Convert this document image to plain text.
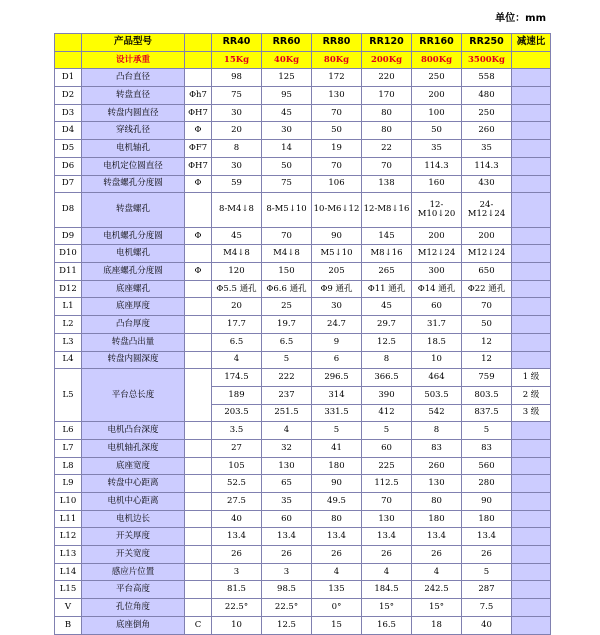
单位：mm
	产品型号		RR40	RR60	RR80	RR120	RR160	RR250	减速比
	设计承重		15Kg	40Kg	80Kg	200Kg	800Kg	3500Kg	
D1	凸台直径		98	125	172	220	250	558	
D2	转盘直径	Φh7	75	95	130	170	200	480	
D3	转盘内圆直径	ΦH7	30	45	70	80	100	250	
D4	穿线孔径	Φ	20	30	50	80	50	260	
D5	电机轴孔	ΦF7	8	14	19	22	35	35	
D6	电机定位圆直径	ΦH7	30	50	70	70	114.3	114.3	
D7	转盘螺孔分度圆	Φ	59	75	106	138	160	430	
D8	转盘螺孔		8-M4↓8	8-M5↓10	10-M6↓12	12-M8↓16	12-M10↓20	24-M12↓24	
D9	电机螺孔分度圆	Φ	45	70	90	145	200	200	
D10	电机螺孔		M4↓8	M4↓8	M5↓10	M8↓16	M12↓24	M12↓24	
D11	底座螺孔分度圆	Φ	120	150	205	265	300	650	
D12	底座螺孔		Φ5.5 通孔	Φ6.6 通孔	Φ9 通孔	Φ11 通孔	Φ14 通孔	Φ22 通孔	
L1	底座厚度		20	25	30	45	60	70	
L2	凸台厚度		17.7	19.7	24.7	29.7	31.7	50	
L3	转盘凸出量		6.5	6.5	9	12.5	18.5	12	
L4	转盘内圆深度		4	5	6	8	10	12	
L5	平台总长度		174.5	222	296.5	366.5	464	759	1 级
			189	237	314	390	503.5	803.5	2 级
			203.5	251.5	331.5	412	542	837.5	3 级
L6	电机凸台深度		3.5	4	5	5	8	5	
L7	电机轴孔深度		27	32	41	60	83	83	
L8	底座宽度		105	130	180	225	260	560	
L9	转盘中心距离		52.5	65	90	112.5	130	280	
L10	电机中心距离		27.5	35	49.5	70	80	90	
L11	电机边长		40	60	80	130	180	180	
L12	开关厚度		13.4	13.4	13.4	13.4	13.4	13.4	
L13	开关宽度		26	26	26	26	26	26	
L14	感应片位置		3	3	4	4	4	5	
L15	平台高度		81.5	98.5	135	184.5	242.5	287	
V	孔位角度		22.5°	22.5°	0°	15°	15°	7.5	
B	底座倒角	C	10	12.5	15	16.5	18	40	
